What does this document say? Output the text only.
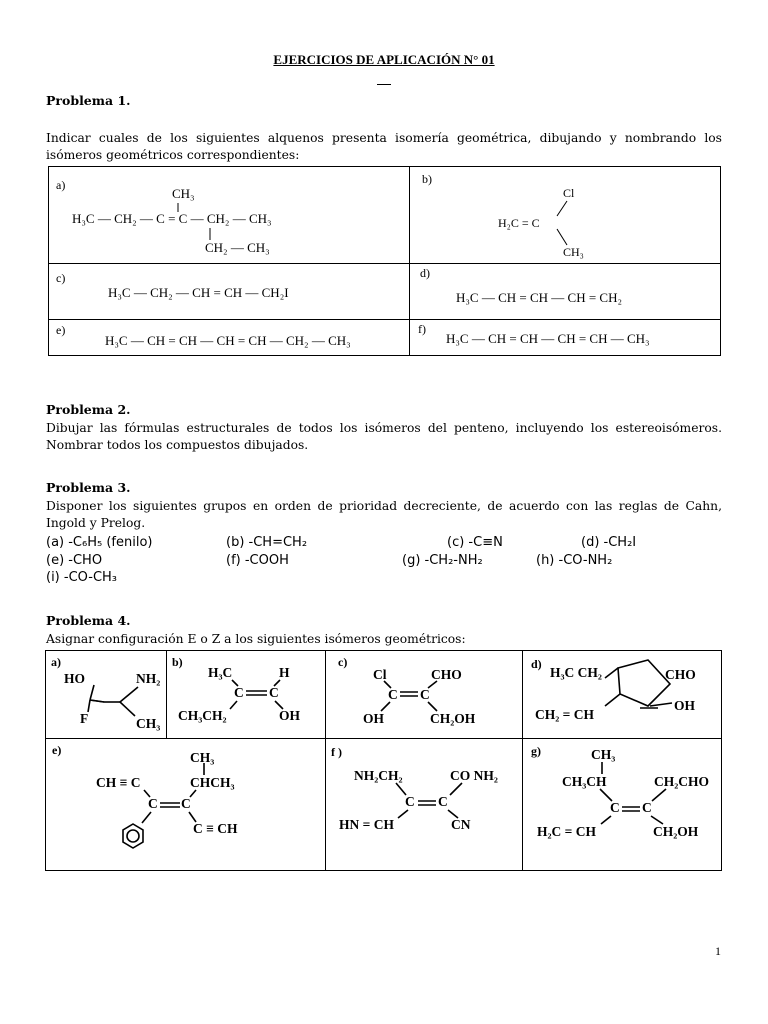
EJERCICIOS DE APLICACIÓN N° 01
Problema 1.
Indicar cuales de los siguientes alquenos presenta isomería geométrica, dibujando y nombrando los isómeros geométricos correspondientes:
a)
CH₃
H₃C — CH₂ — C = C — CH₂ — CH₃
CH₂ — CH₃
b)
Cl
H₂C = C
CH₃
c)
H₃C — CH₂ — CH = CH — CH₂I
d)
H₃C — CH = CH — CH = CH₂
e)
H₃C — CH = CH — CH = CH — CH₂ — CH₃
f)
H₃C — CH = CH — CH = CH — CH₃
Problema 2.
Dibujar las fórmulas estructurales de todos los isómeros del penteno, incluyendo los estereoisómeros. Nombrar todos los compuestos dibujados.
Problema 3.
Disponer los siguientes grupos en orden de prioridad decreciente, de acuerdo con las reglas de Cahn, Ingold y Prelog.
(a) -C₆H₅ (fenilo)	(b) -CH=CH₂	(c) -C≡N	(d) -CH₂I
(e) -CHO	(f) -COOH	(g) -CH₂-NH₂	(h) -CO-NH₂
(i) -CO-CH₃
Problema 4.
Asignar configuración E o Z a los siguientes isómeros geométricos:
a)
HO	NH₂
F	CH₃
b)
H₃C	H
C C
CH₃CH₂	OH
c)
Cl	CHO
C C
OH	CH₂OH
d)
H₃C CH₂	CHO
OH
CH₂ = CH
e)	CH₃
CH ≡ C	CHCH₃
C C
C ≡ CH
f )
NH₂CH₂	CO NH₂
C C
HN = CH	CN
g)	CH₃
CH₃CH	CH₂CHO
C C
H₂C = CH	CH₂OH
1
